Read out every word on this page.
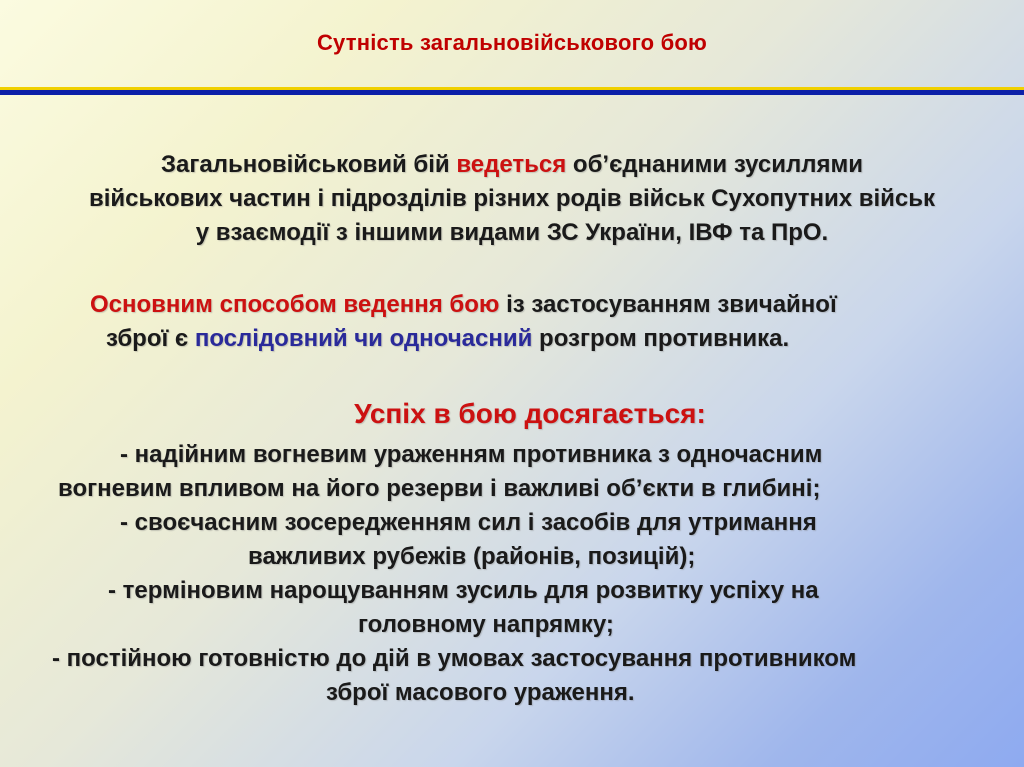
Сутність загальновійськового бою
Загальновійськовий бій ведеться об’єднаними зусиллями
військових частин і підрозділів різних родів військ Сухопутних військ
у взаємодії з іншими видами ЗС України, ІВФ та ПрО.
Основним способом ведення бою із застосуванням звичайної
зброї є послідовний чи одночасний розгром противника.
Успіх в бою досягається:
- надійним вогневим ураженням противника з одночасним
вогневим впливом на його резерви і важливі об’єкти в глибині;
- своєчасним зосередженням сил і засобів для утримання
важливих рубежів (районів, позицій);
- терміновим нарощуванням зусиль для розвитку успіху на
головному напрямку;
- постійною готовністю до дій в умовах застосування противником
зброї масового ураження.
